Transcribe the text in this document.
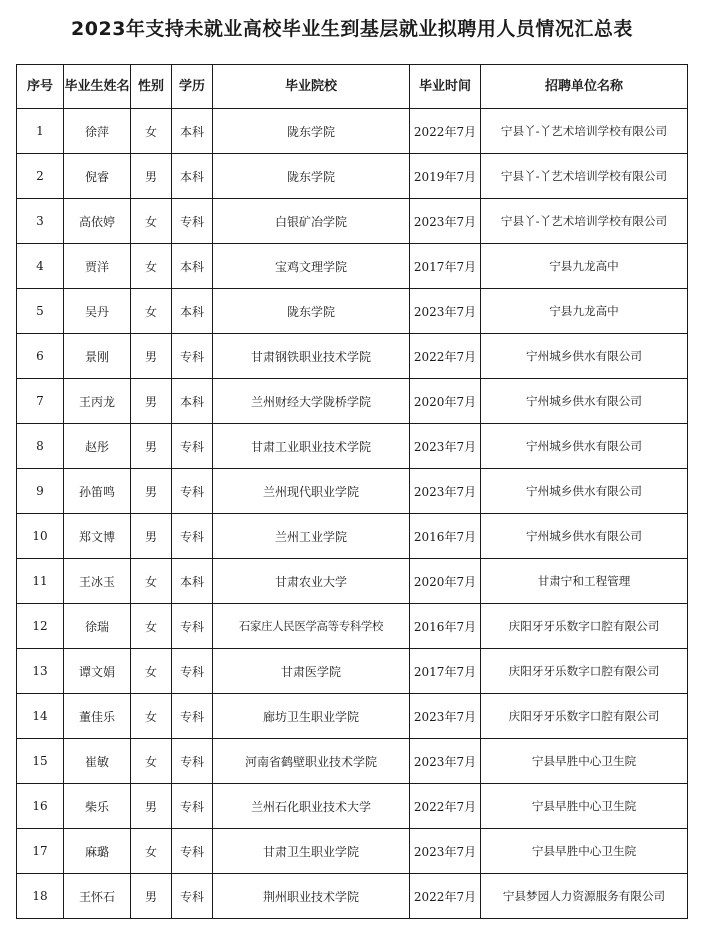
2023年支持未就业高校毕业生到基层就业拟聘用人员情况汇总表
序号	毕业生姓名	性别	学历	毕业院校	毕业时间	招聘单位名称
1	徐萍	女	本科	陇东学院	2022年7月	宁县丫-丫艺术培训学校有限公司
2	倪睿	男	本科	陇东学院	2019年7月	宁县丫-丫艺术培训学校有限公司
3	高依婷	女	专科	白银矿冶学院	2023年7月	宁县丫-丫艺术培训学校有限公司
4	贾洋	女	本科	宝鸡文理学院	2017年7月	宁县九龙高中
5	吴丹	女	本科	陇东学院	2023年7月	宁县九龙高中
6	景刚	男	专科	甘肃钢铁职业技术学院	2022年7月	宁州城乡供水有限公司
7	王丙龙	男	本科	兰州财经大学陇桥学院	2020年7月	宁州城乡供水有限公司
8	赵彤	男	专科	甘肃工业职业技术学院	2023年7月	宁州城乡供水有限公司
9	孙笛鸣	男	专科	兰州现代职业学院	2023年7月	宁州城乡供水有限公司
10	郑文博	男	专科	兰州工业学院	2016年7月	宁州城乡供水有限公司
11	王冰玉	女	本科	甘肃农业大学	2020年7月	甘肃宁和工程管理
12	徐瑞	女	专科	石家庄人民医学高等专科学校	2016年7月	庆阳牙牙乐数字口腔有限公司
13	谭文娟	女	专科	甘肃医学院	2017年7月	庆阳牙牙乐数字口腔有限公司
14	董佳乐	女	专科	廊坊卫生职业学院	2023年7月	庆阳牙牙乐数字口腔有限公司
15	崔敏	女	专科	河南省鹤壁职业技术学院	2023年7月	宁县早胜中心卫生院
16	柴乐	男	专科	兰州石化职业技术大学	2022年7月	宁县早胜中心卫生院
17	麻璐	女	专科	甘肃卫生职业学院	2023年7月	宁县早胜中心卫生院
18	王怀石	男	专科	荆州职业技术学院	2022年7月	宁县梦园人力资源服务有限公司
